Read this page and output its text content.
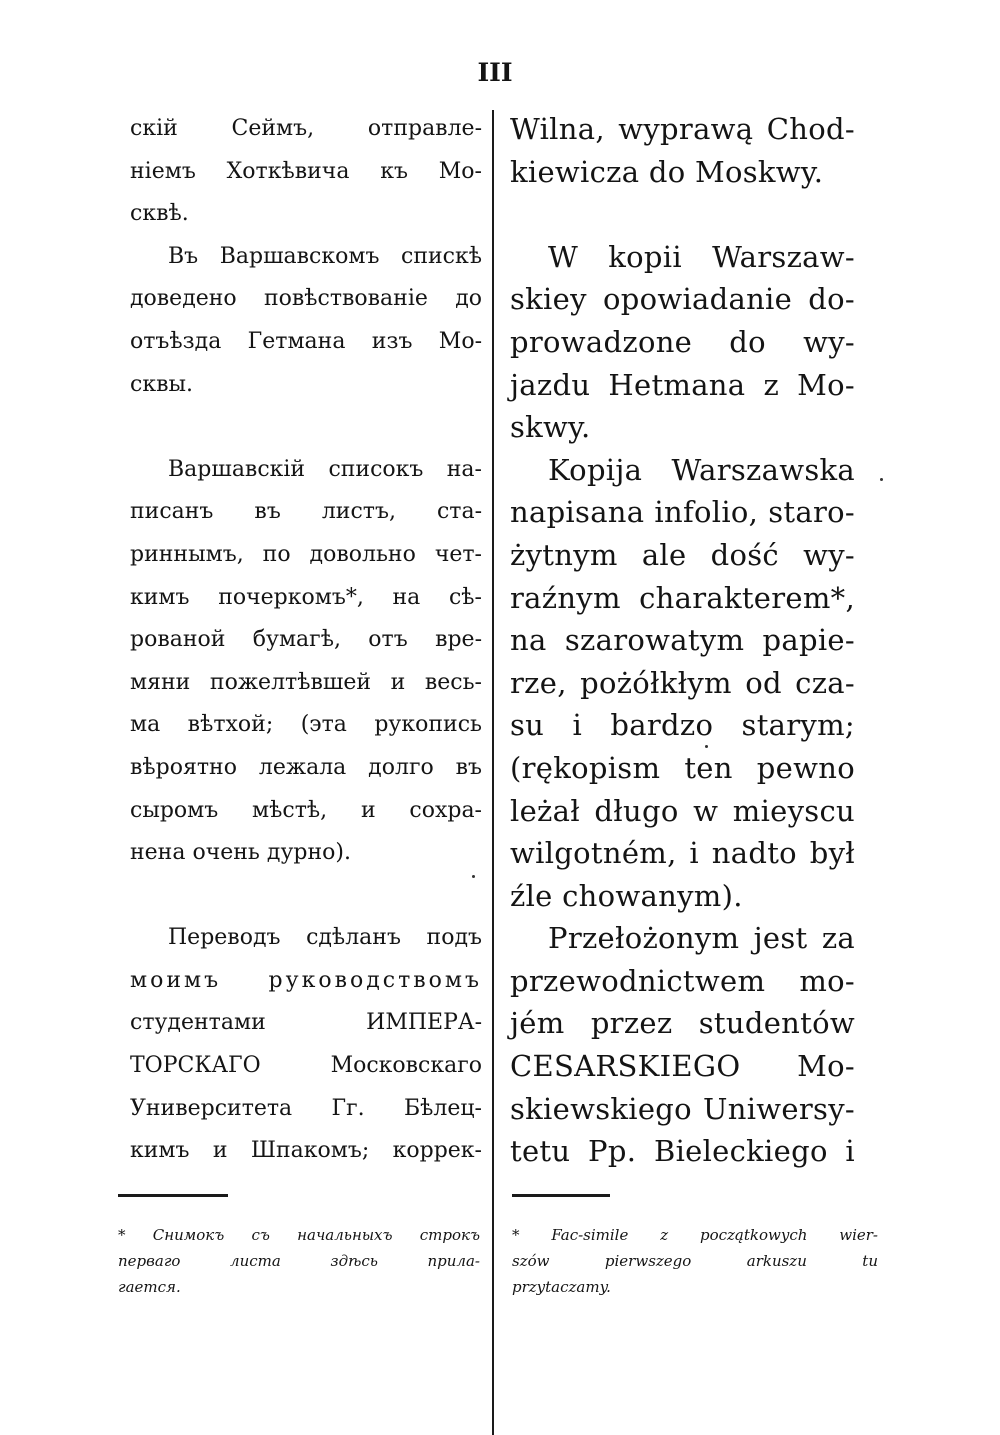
III
скій Сеймъ, отправле-
ніемъ Хоткѣвича къ Мо-
сквѣ.
Въ Варшавскомъ спискѣ
доведено повѣствованіе до
отъѣзда Гетмана изъ Мо-
сквы.
Варшавскій списокъ на-
писанъ въ листъ, ста-
риннымъ, по довольно чет-
кимъ почеркомъ*, на сѣ-
рованой бумагѣ, отъ вре-
мяни пожелтѣвшей и весь-
ма вѣтхой; (эта рукопись
вѣроятно лежала долго въ
сыромъ мѣстѣ, и сохра-
нена очень дурно).
Переводъ сдѣланъ подъ
моимъ руководствомъ
студентами ИМПЕРА-
ТОРСКАГО Московскаго
Университета Гг. Бѣлец-
кимъ и Шпакомъ; коррек-
Wilna, wyprawą Chod-
kiewicza do Moskwy.
W kopii Warszaw-
skiey opowiadanie do-
prowadzone do wy-
jazdu Hetmana z Mo-
skwy.
Kopija Warszawska
napisana infolio, staro-
żytnym ale dość wy-
raźnym charakterem*,
na szarowatym papie-
rze, pożółkłym od cza-
su i bardzo starym;
(rękopism ten pewno
leżał długo w mieyscu
wilgotném, i nadto był
źle chowanym).
Przełożonym jest za
przewodnictwem mo-
jém przez studentów
CESARSKIEGO Mo-
skiewskiego Uniwersy-
tetu Pp. Bieleckiego i
* Снимокъ съ начальныхъ строкъ
перваго листа здѣсь прила-
гается.
* Fac-simile z początkowych wier-
szów pierwszego arkuszu tu
przytaczamy.
